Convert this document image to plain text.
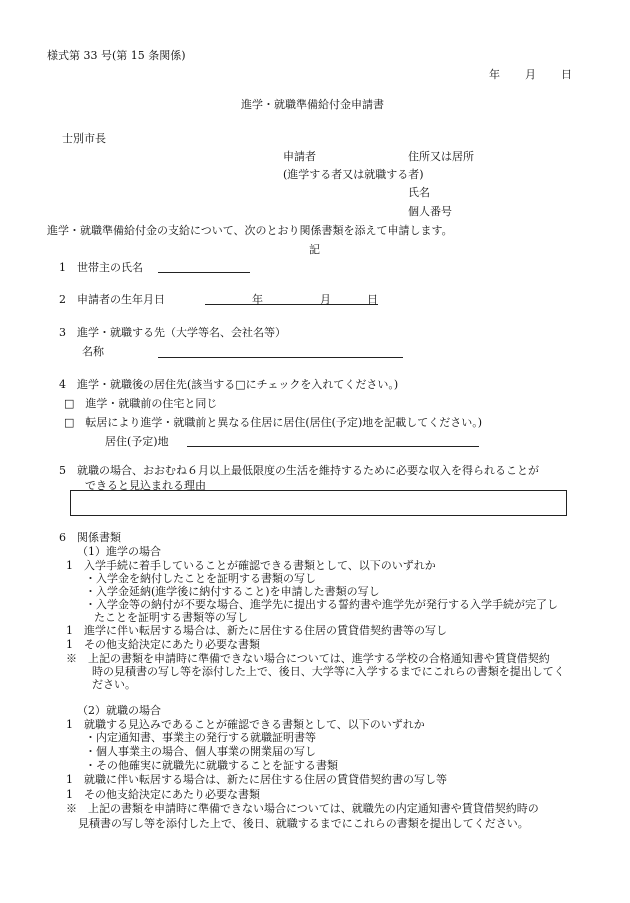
様式第 33 号(第 15 条関係)
年 月 日
進学・就職準備給付金申請書
士別市長
申請者	住所又は居所
(進学する者又は就職する者)
氏名
個人番号
進学・就職準備給付金の支給について、次のとおり関係書類を添えて申請します。
記
1 世帯主の氏名
2 申請者の生年月日	年	月	日
3 進学・就職する先（大学等名、会社名等）
名称
4 進学・就職後の居住先(該当する□にチェックを入れてください。)
□　進学・就職前の住宅と同じ
□　転居により進学・就職前と異なる住居に居住(居住(予定)地を記載してください。)
居住(予定)地
5 就職の場合、おおむね６月以上最低限度の生活を維持するために必要な収入を得られることが
できると見込まれる理由
6 関係書類
（1）進学の場合
1　入学手続に着手していることが確認できる書類として、以下のいずれか
・入学金を納付したことを証明する書類の写し
・入学金延納(進学後に納付すること)を申請した書類の写し
・入学金等の納付が不要な場合、進学先に提出する誓約書や進学先が発行する入学手続が完了し
たことを証明する書類等の写し
1　進学に伴い転居する場合は、新たに居住する住居の賃貸借契約書等の写し
1　その他支給決定にあたり必要な書類
※　上記の書類を申請時に準備できない場合については、進学する学校の合格通知書や賃貸借契約
時の見積書の写し等を添付した上で、後日、大学等に入学するまでにこれらの書類を提出してく
ださい。
（2）就職の場合
1　就職する見込みであることが確認できる書類として、以下のいずれか
・内定通知書、事業主の発行する就職証明書等
・個人事業主の場合、個人事業の開業届の写し
・その他確実に就職先に就職することを証する書類
1　就職に伴い転居する場合は、新たに居住する住居の賃貸借契約書の写し等
1　その他支給決定にあたり必要な書類
※　上記の書類を申請時に準備できない場合については、就職先の内定通知書や賃貸借契約時の
見積書の写し等を添付した上で、後日、就職するまでにこれらの書類を提出してください。
